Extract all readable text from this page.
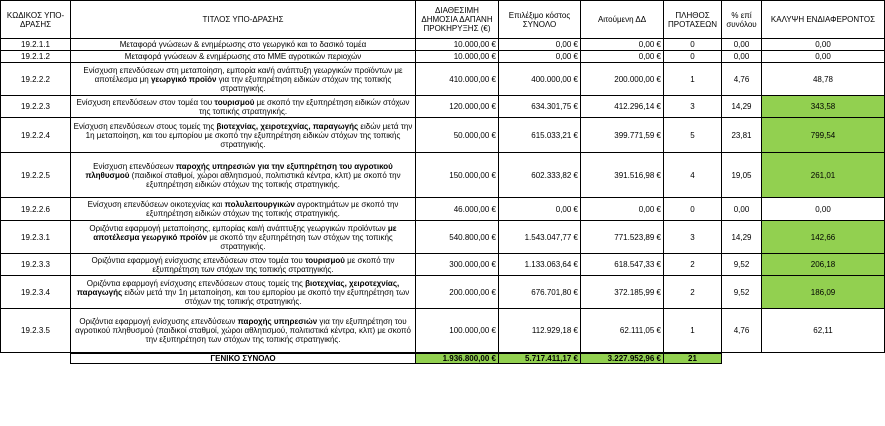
ΚΩΔΙΚΟΣ ΥΠΟ-ΔΡΑΣΗΣ	ΤΙΤΛΟΣ ΥΠΟ-ΔΡΑΣΗΣ	ΔΙΑΘΕΣΙΜΗ ΔΗΜΟΣΙΑ ΔΑΠΑΝΗ ΠΡΟΚΗΡΥΞΗΣ (€)	Επιλέξιμο κόστος ΣΥΝΟΛΟ	Αιτούμενη ΔΔ	ΠΛΗΘΟΣ ΠΡΟΤΑΣΕΩΝ	% επί συνόλου	ΚΑΛΥΨΗ ΕΝΔΙΑΦΕΡΟΝΤΟΣ
19.2.1.1	Μεταφορά γνώσεων & ενημέρωσης στο γεωργικό και το δασικό τομέα	10.000,00 €	0,00 €	0,00 €	0	0,00	0,00
19.2.1.2	Μεταφορά γνώσεων & ενημέρωσης στο ΜΜΕ αγροτικών περιοχών	10.000,00 €	0,00 €	0,00 €	0	0,00	0,00
19.2.2.2	Ενίσχυση επενδύσεων στη μεταποίηση, εμπορία και/ή ανάπτυξη γεωργικών προϊόντων με αποτέλεσμα μη γεωργικό προϊόν για την εξυπηρέτηση ειδικών στόχων της τοπικής στρατηγικής.	410.000,00 €	400.000,00 €	200.000,00 €	1	4,76	48,78
19.2.2.3	Ενίσχυση επενδύσεων στον τομέα του τουρισμού με σκοπό την εξυπηρέτηση ειδικών στόχων της τοπικής στρατηγικής.	120.000,00 €	634.301,75 €	412.296,14 €	3	14,29	343,58
19.2.2.4	Ενίσχυση επενδύσεων στους τομείς της βιοτεχνίας, χειροτεχνίας, παραγωγής ειδών μετά την 1η μεταποίηση, και του εμπορίου με σκοπό την εξυπηρέτηση ειδικών στόχων της τοπικής στρατηγικής.	50.000,00 €	615.033,21 €	399.771,59 €	5	23,81	799,54
19.2.2.5	Ενίσχυση επενδύσεων παροχής υπηρεσιών για την εξυπηρέτηση του αγροτικού πληθυσμού (παιδικοί σταθμοί, χώροι αθλητισμού, πολιτιστικά κέντρα, κλπ) με σκοπό την εξυπηρέτηση ειδικών στόχων της τοπικής στρατηγικής.	150.000,00 €	602.333,82 €	391.516,98 €	4	19,05	261,01
19.2.2.6	Ενίσχυση επενδύσεων οικοτεχνίας και πολυλειτουργικών αγροκτημάτων με σκοπό την εξυπηρέτηση ειδικών στόχων της τοπικής στρατηγικής.	46.000,00 €	0,00 €	0,00 €	0	0,00	0,00
19.2.3.1	Οριζόντια εφαρμογή μεταποίησης, εμπορίας και/ή ανάπτυξης γεωργικών προϊόντων με αποτέλεσμα γεωργικό προϊόν με σκοπό την εξυπηρέτηση των στόχων της τοπικής στρατηγικής.	540.800,00 €	1.543.047,77 €	771.523,89 €	3	14,29	142,66
19.2.3.3	Οριζόντια εφαρμογή ενίσχυσης επενδύσεων στον τομέα του τουρισμού με σκοπό την εξυπηρέτηση των στόχων της τοπικής στρατηγικής.	300.000,00 €	1.133.063,64 €	618.547,33 €	2	9,52	206,18
19.2.3.4	Οριζόντια εφαρμογή ενίσχυσης επενδύσεων στους τομείς της βιοτεχνίας, χειροτεχνίας, παραγωγής ειδών μετά την 1η μεταποίηση, και του εμπορίου με σκοπό την εξυπηρέτηση των στόχων της τοπικής στρατηγικής.	200.000,00 €	676.701,80 €	372.185,99 €	2	9,52	186,09
19.2.3.5	Οριζόντια εφαρμογή ενίσχυσης επενδύσεων παροχής υπηρεσιών για την εξυπηρέτηση του αγροτικού πληθυσμού (παιδικοί σταθμοί, χώροι αθλητισμού, πολιτιστικά κέντρα, κλπ) με σκοπό την εξυπηρέτηση των στόχων της τοπικής στρατηγικής.	100.000,00 €	112.929,18 €	62.111,05 €	1	4,76	62,11
	ΓΕΝΙΚΟ ΣΥΝΟΛΟ	1.936.800,00 €	5.717.411,17 €	3.227.952,96 €	21		
